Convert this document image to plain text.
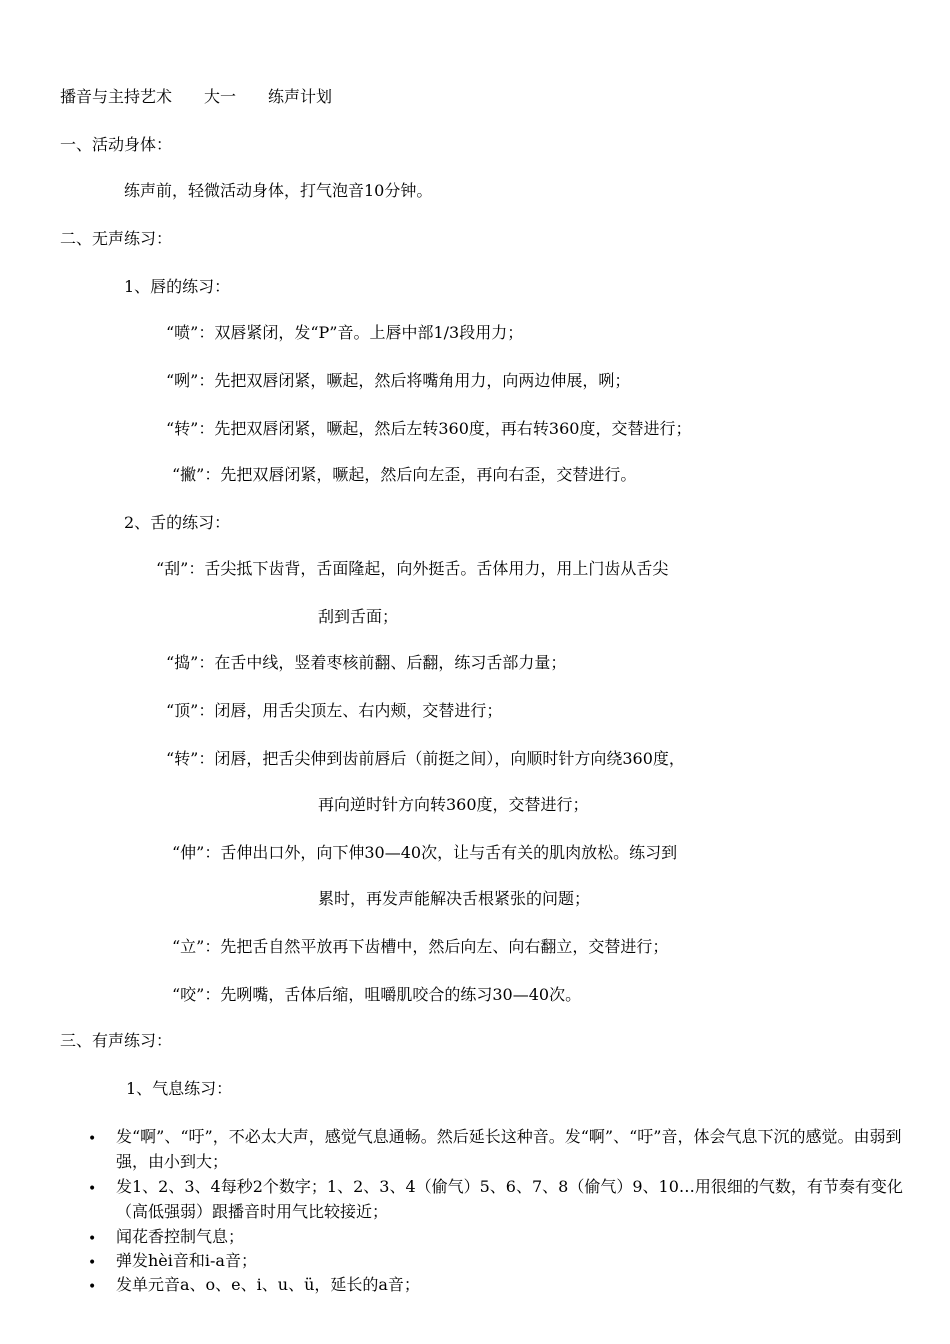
播音与主持艺术　　大一　　练声计划
一、活动身体：
练声前，轻微活动身体，打气泡音10分钟。
二、无声练习：
1、唇的练习：
“喷”：双唇紧闭，发“P”音。上唇中部1/3段用力；
“咧”：先把双唇闭紧，噘起，然后将嘴角用力，向两边伸展，咧；
“转”：先把双唇闭紧，噘起，然后左转360度，再右转360度，交替进行；
“撇”：先把双唇闭紧，噘起，然后向左歪，再向右歪，交替进行。
2、舌的练习：
“刮”：舌尖抵下齿背，舌面隆起，向外挺舌。舌体用力，用上门齿从舌尖
刮到舌面；
“捣”：在舌中线，竖着枣核前翻、后翻，练习舌部力量；
“顶”：闭唇，用舌尖顶左、右内颊，交替进行；
“转”：闭唇，把舌尖伸到齿前唇后（前挺之间），向顺时针方向绕360度，
再向逆时针方向转360度，交替进行；
“伸”：舌伸出口外，向下伸30—40次，让与舌有关的肌肉放松。练习到
累时，再发声能解决舌根紧张的问题；
“立”：先把舌自然平放再下齿槽中，然后向左、向右翻立，交替进行；
“咬”：先咧嘴，舌体后缩，咀嚼肌咬合的练习30—40次。
三、有声练习：
1、气息练习：
• 发“啊”、“吁”，不必太大声，感觉气息通畅。然后延长这种音。发“啊”、“吁”音，体会气息下沉的感觉。由弱到强，由小到大；
• 发1、2、3、4每秒2个数字；1、2、3、4（偷气）5、6、7、8（偷气）9、10…用很细的气数，有节奏有变化（高低强弱）跟播音时用气比较接近；
• 闻花香控制气息；
• 弹发hèi音和i-a音；
• 发单元音a、o、e、i、u、ü，延长的a音；
